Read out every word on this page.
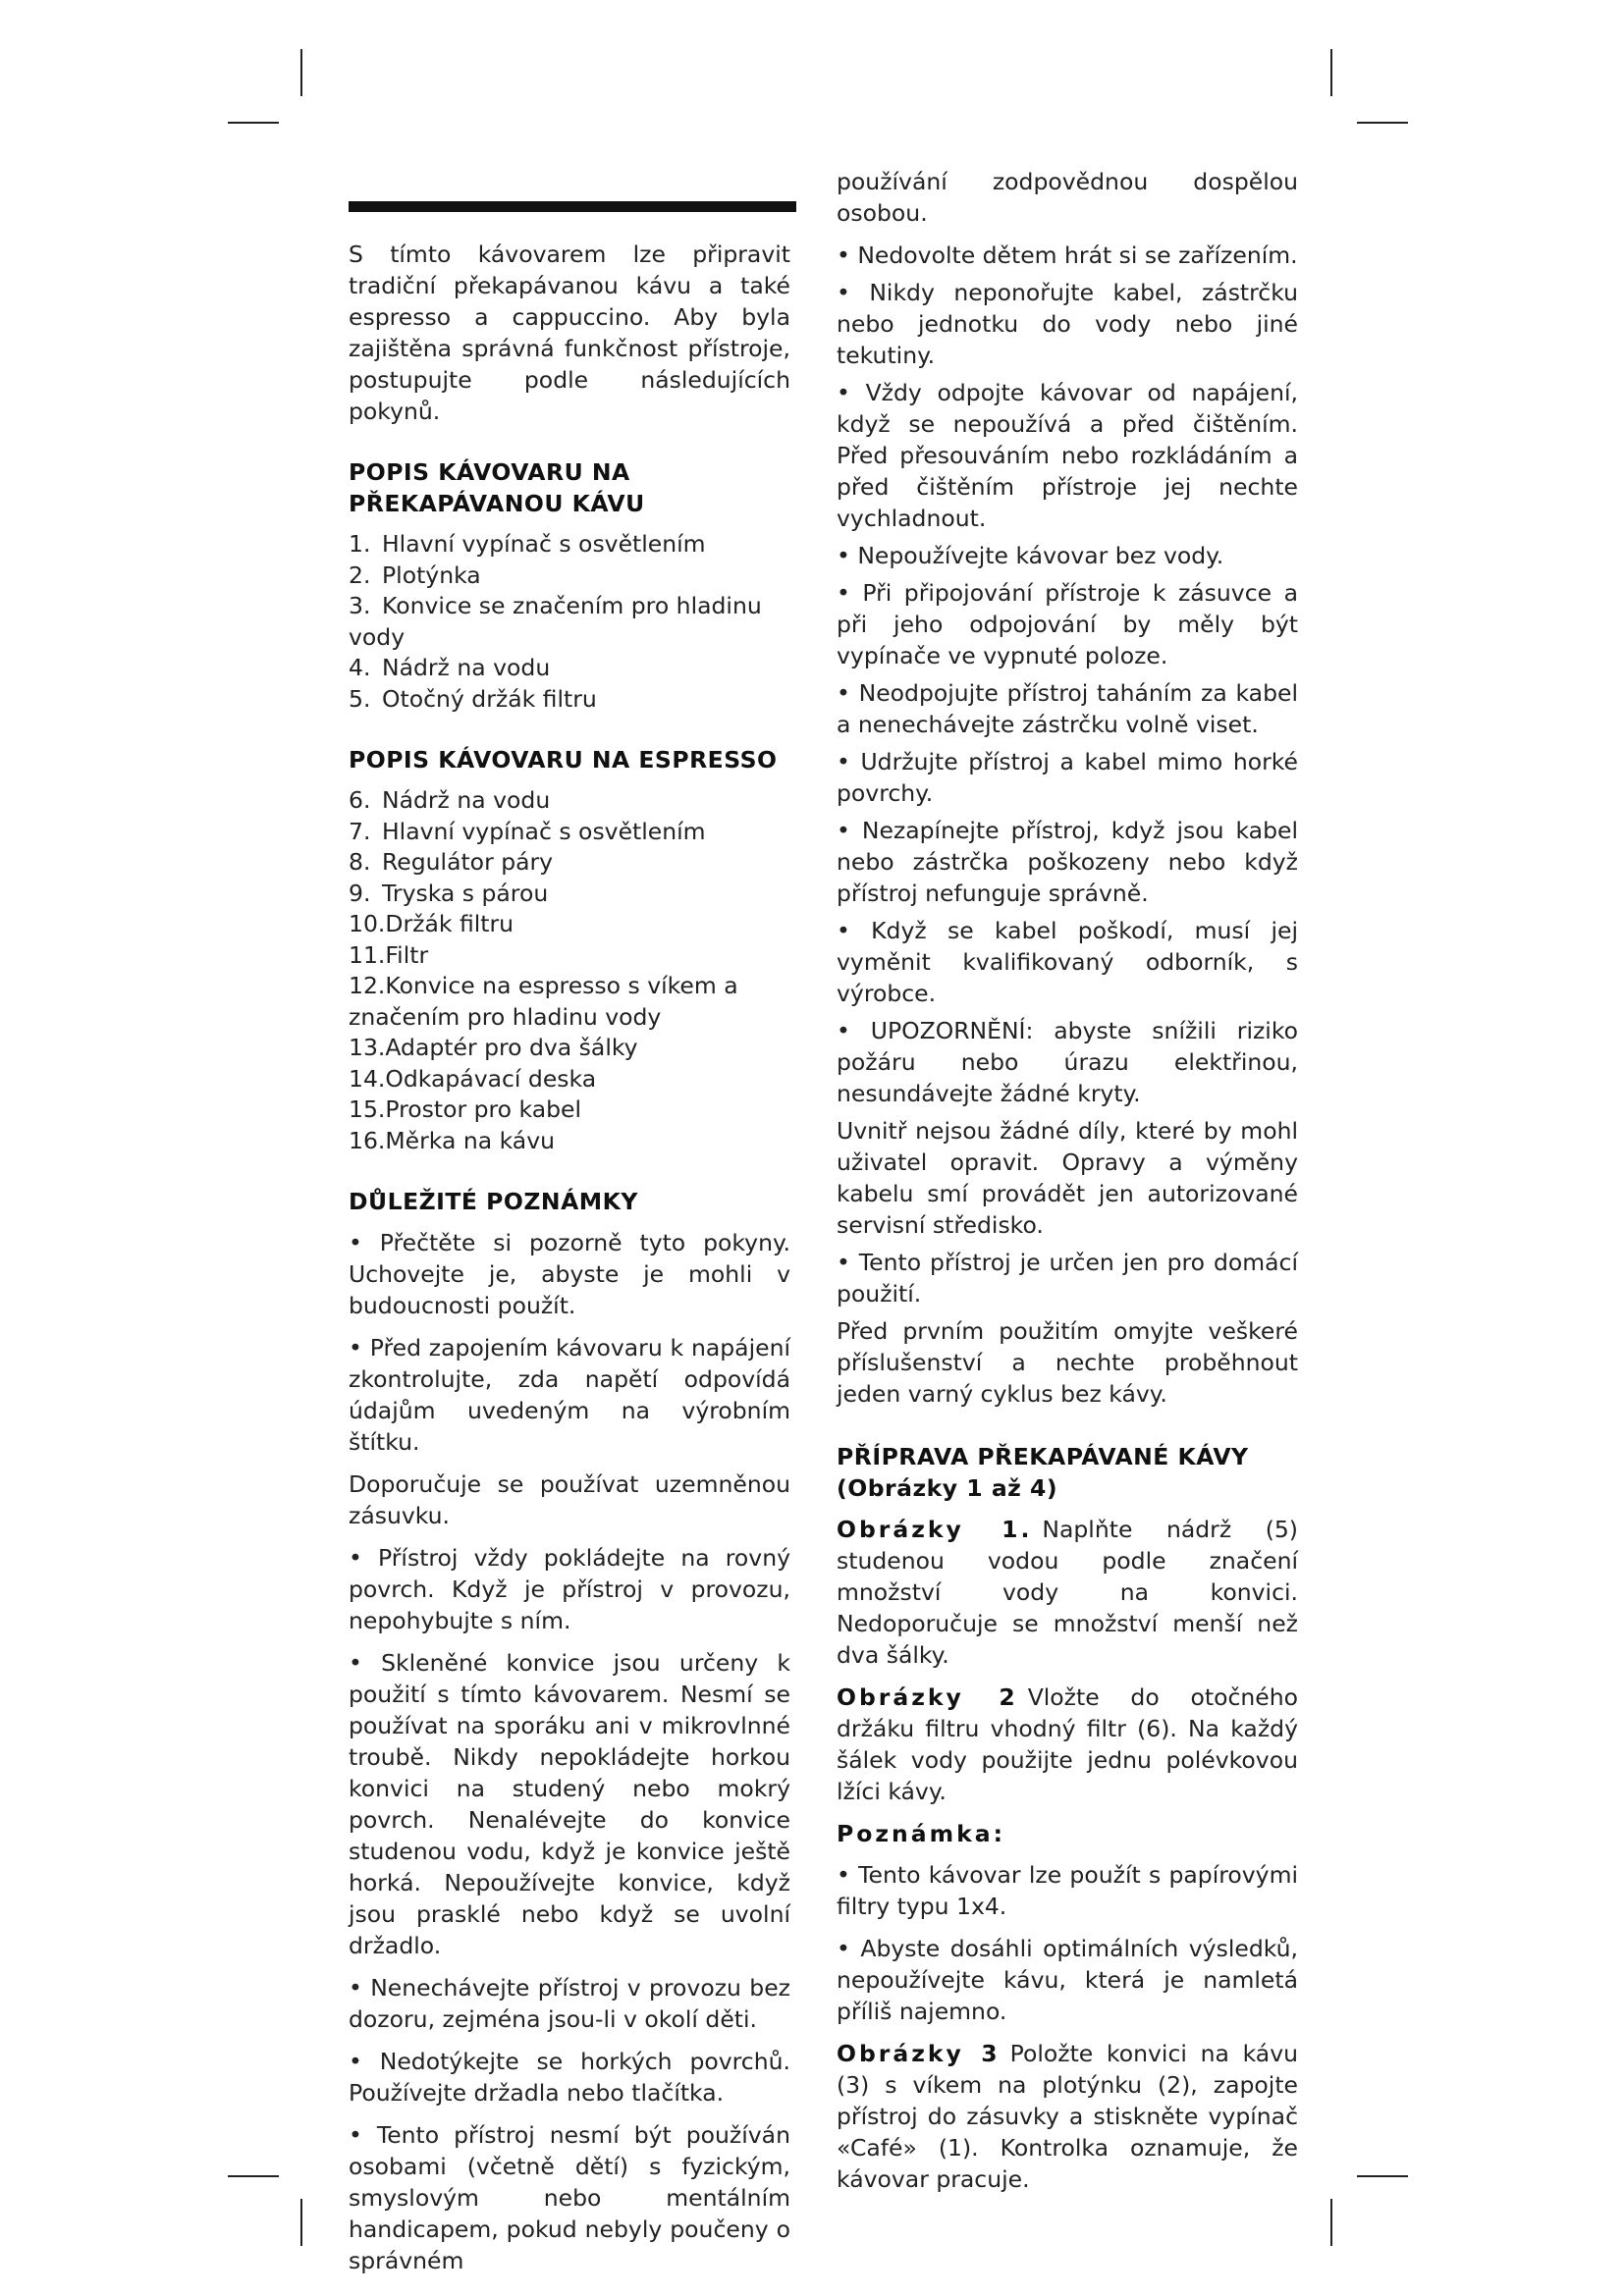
S tímto kávovarem lze připravit tradiční překapávanou kávu a také espresso a cappuccino. Aby byla zajištěna správná funkčnost přístroje, postupujte podle následujících pokynů.

POPIS KÁVOVARU NA PŘEKAPÁVANOU KÁVU
1. Hlavní vypínač s osvětlením
2. Plotýnka
3. Konvice se značením pro hladinu vody
4. Nádrž na vodu
5. Otočný držák filtru
POPIS KÁVOVARU NA ESPRESSO
6. Nádrž na vodu
7. Hlavní vypínač s osvětlením
8. Regulátor páry
9. Tryska s párou
10.Držák filtru
11.Filtr
12.Konvice na espresso s víkem a značením pro hladinu vody
13.Adaptér pro dva šálky
14.Odkapávací deska
15.Prostor pro kabel
16.Měrka na kávu
DŮLEŽITÉ POZNÁMKY

• Přečtěte si pozorně tyto pokyny. Uchovejte je, abyste je mohli v budoucnosti použít.

• Před zapojením kávovaru k napájení zkontrolujte, zda napětí odpovídá údajům uvedeným na výrobním štítku.

Doporučuje se používat uzemněnou zásuvku.

• Přístroj vždy pokládejte na rovný povrch. Když je přístroj v provozu, nepohybujte s ním.

• Skleněné konvice jsou určeny k použití s tímto kávovarem. Nesmí se používat na sporáku ani v mikrovlnné troubě. Nikdy nepokládejte horkou konvici na studený nebo mokrý povrch. Nenalévejte do konvice studenou vodu, když je konvice ještě horká. Nepoužívejte konvice, když jsou prasklé nebo když se uvolní držadlo.

• Nenechávejte přístroj v provozu bez dozoru, zejména jsou-li v okolí děti.

• Nedotýkejte se horkých povrchů. Používejte držadla nebo tlačítka.

• Tento přístroj nesmí být používán osobami (včetně dětí) s fyzickým, smyslovým nebo mentálním handicapem, pokud nebyly poučeny o správném

používání zodpovědnou dospělou osobou.

• Nedovolte dětem hrát si se zařízením.

• Nikdy neponořujte kabel, zástrčku nebo jednotku do vody nebo jiné tekutiny.

• Vždy odpojte kávovar od napájení, když se nepoužívá a před čištěním. Před přesouváním nebo rozkládáním a před čištěním přístroje jej nechte vychladnout.

• Nepoužívejte kávovar bez vody.

• Při připojování přístroje k zásuvce a při jeho odpojování by měly být vypínače ve vypnuté poloze.

• Neodpojujte přístroj taháním za kabel a nenechávejte zástrčku volně viset.

• Udržujte přístroj a kabel mimo horké povrchy.

• Nezapínejte přístroj, když jsou kabel nebo zástrčka poškozeny nebo když přístroj nefunguje správně.

• Když se kabel poškodí, musí jej vyměnit kvalifikovaný odborník, s výrobce.

• UPOZORNĚNÍ: abyste snížili riziko požáru nebo úrazu elektřinou, nesundávejte žádné kryty.

Uvnitř nejsou žádné díly, které by mohl uživatel opravit. Opravy a výměny kabelu smí provádět jen autorizované servisní středisko.

• Tento přístroj je určen jen pro domácí použití.

Před prvním použitím omyjte veškeré příslušenství a nechte proběhnout jeden varný cyklus bez kávy.

PŘÍPRAVA PŘEKAPÁVANÉ KÁVY (Obrázky 1 až 4)

Obrázky 1. Naplňte nádrž (5) studenou vodou podle značení množství vody na konvici. Nedoporučuje se množství menší než dva šálky.

Obrázky 2 Vložte do otočného držáku filtru vhodný filtr (6). Na každý šálek vody použijte jednu polévkovou lžíci kávy.

Poznámka:

• Tento kávovar lze použít s papírovými filtry typu 1x4.

• Abyste dosáhli optimálních výsledků, nepoužívejte kávu, která je namletá příliš najemno.

Obrázky 3 Položte konvici na kávu (3) s víkem na plotýnku (2), zapojte přístroj do zásuvky a stiskněte vypínač «Café» (1). Kontrolka oznamuje, že kávovar pracuje.
